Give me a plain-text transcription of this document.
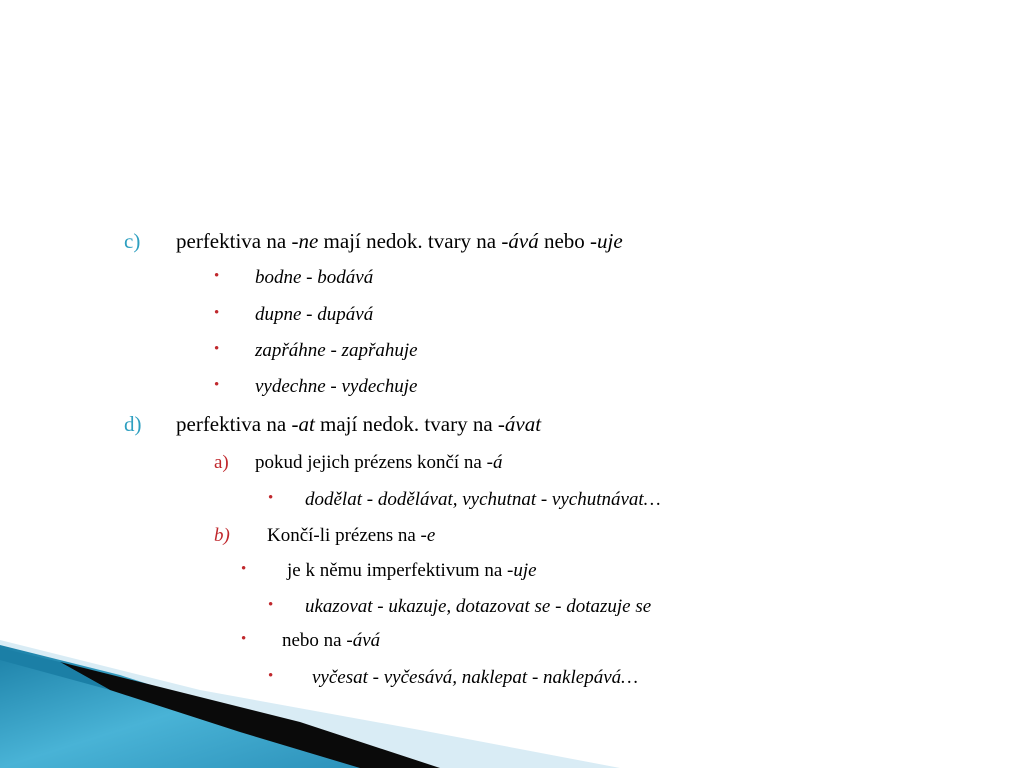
c) perfektiva na -ne mají nedok. tvary na -ává nebo -uje
• bodne - bodává
• dupne - dupává
• zapřáhne - zapřahuje
• vydechne - vydechuje
d) perfektiva na -at mají nedok. tvary na -ávat
a) pokud jejich prézens končí na -á
• dodělat - dodělávat, vychutnat - vychutnávat…
b) Končí-li prézens na -e
• je k němu imperfektivum na -uje
• ukazovat - ukazuje, dotazovat se - dotazuje se
• nebo na -ává
• vyčesat - vyčesává, naklepat - naklepává…
